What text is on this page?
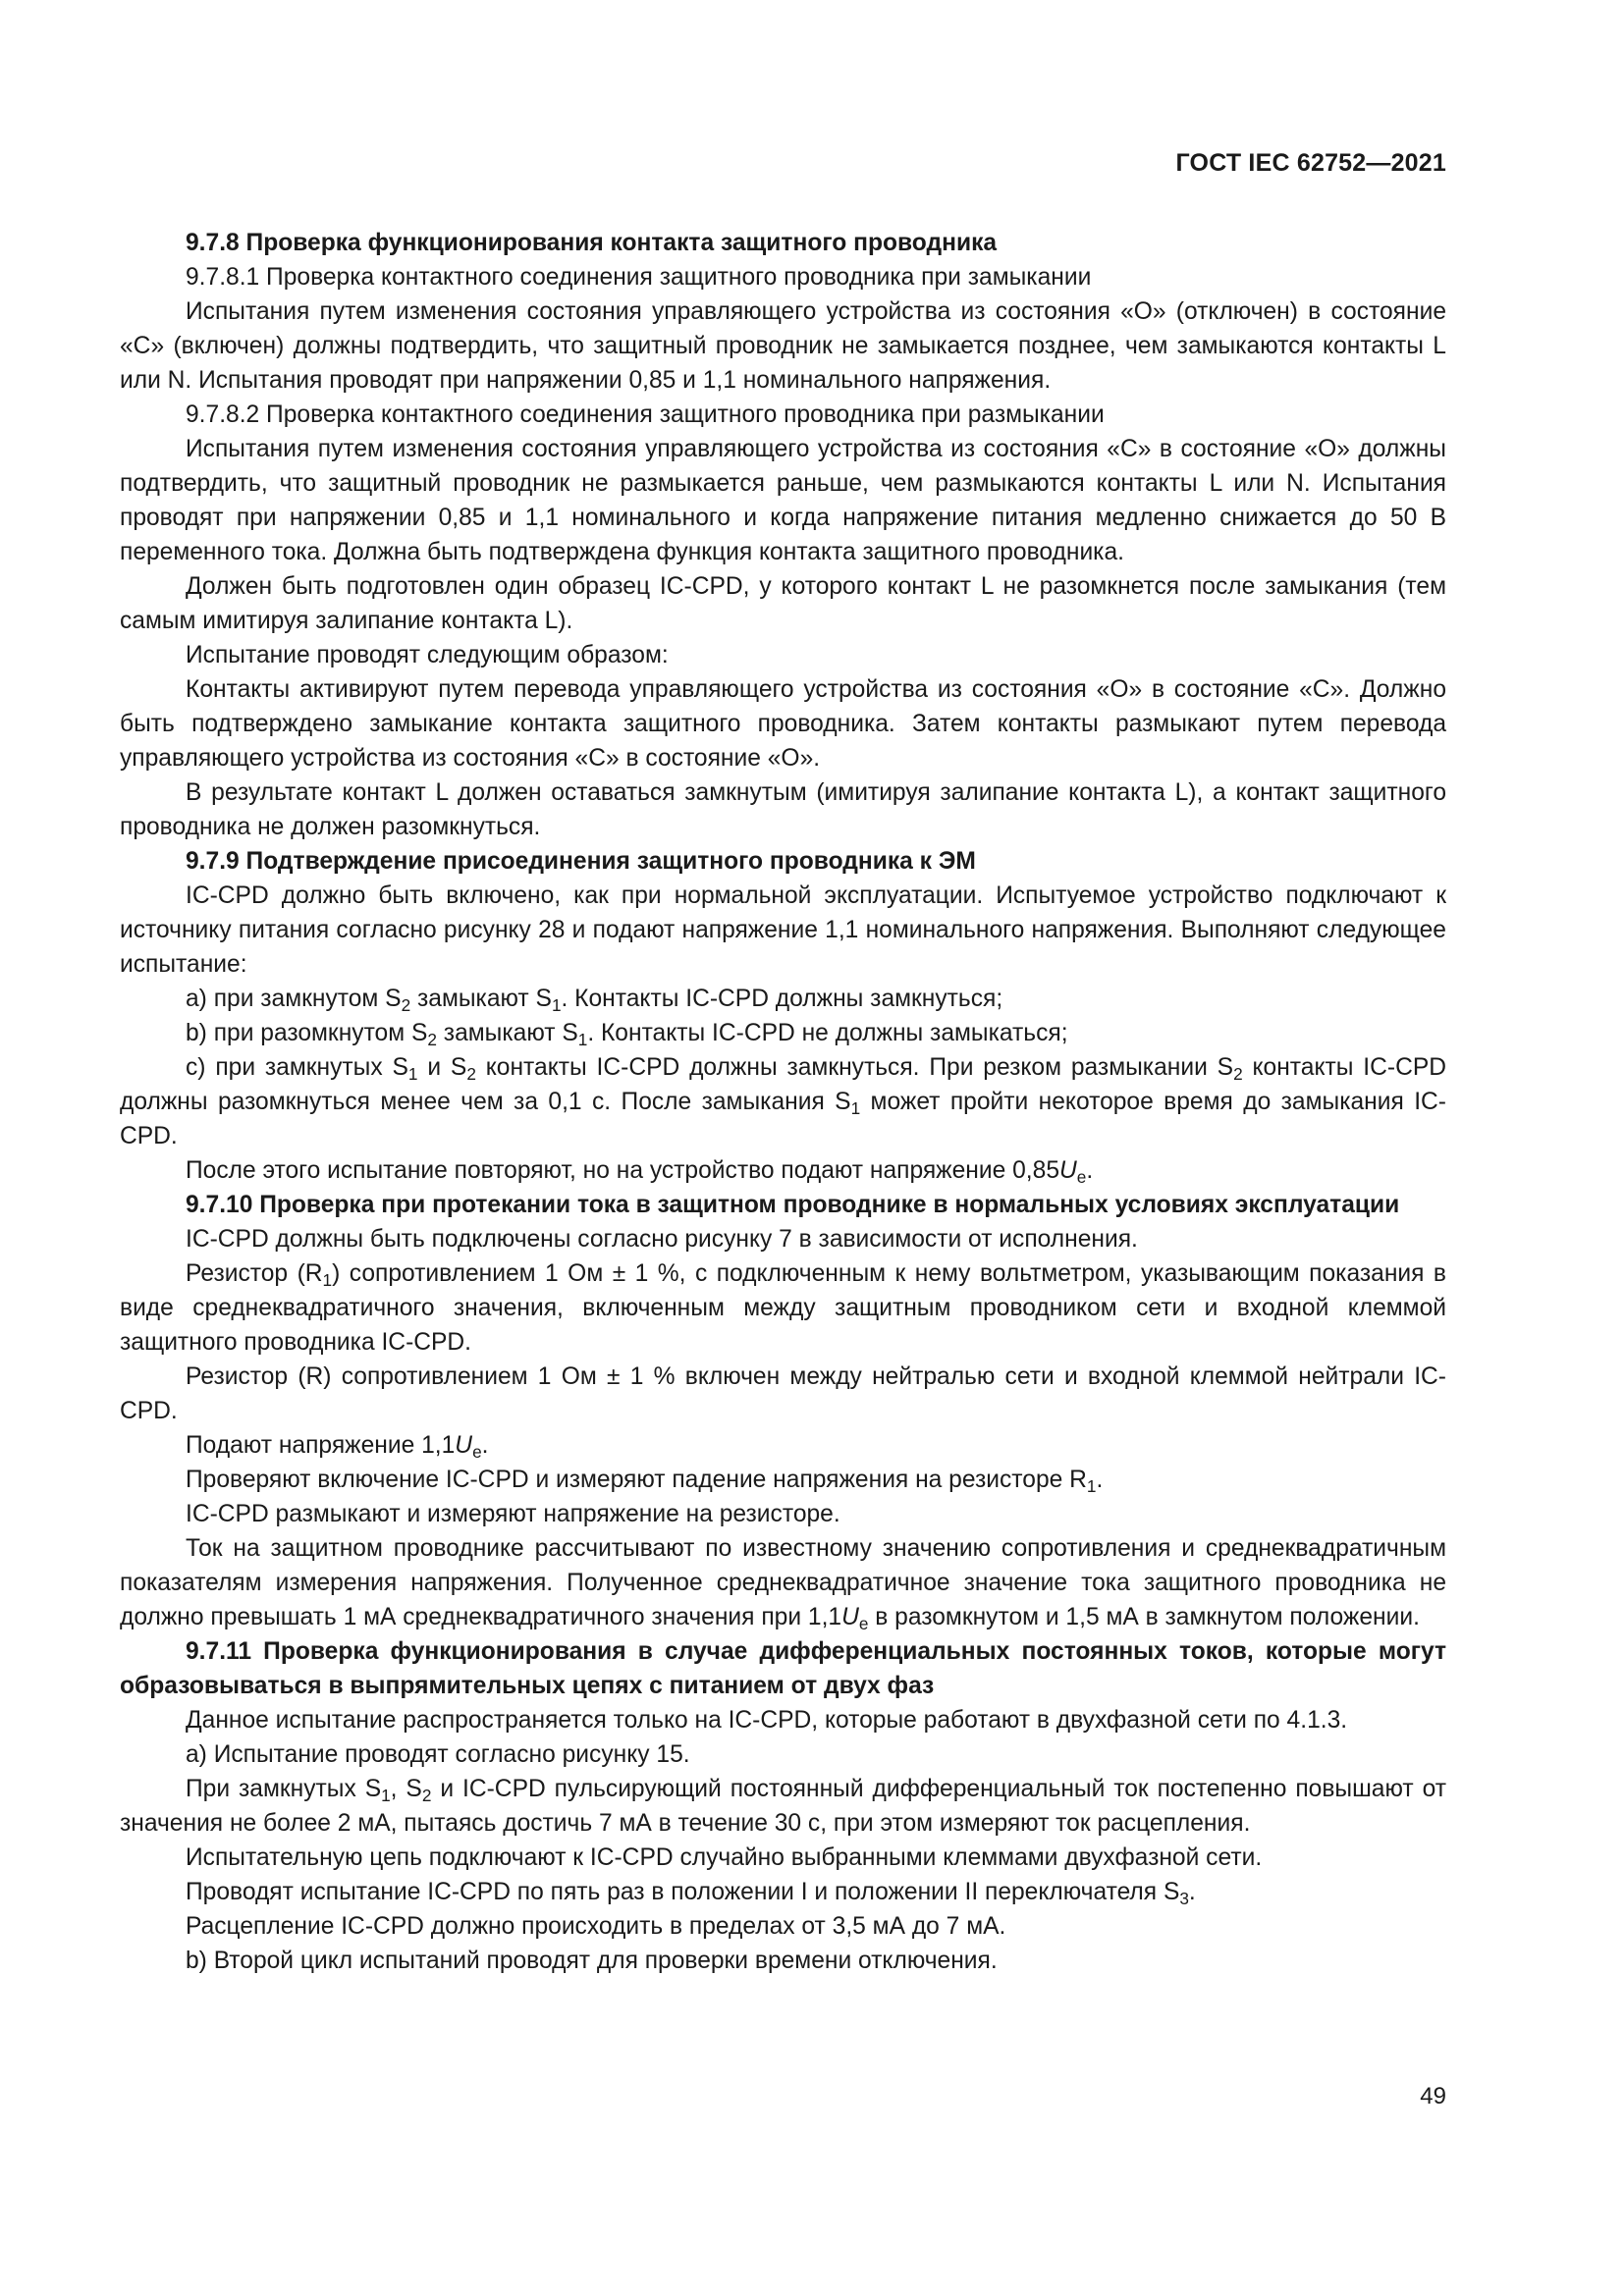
ГОСТ IEC 62752—2021

9.7.8 Проверка функционирования контакта защитного проводника

9.7.8.1 Проверка контактного соединения защитного проводника при замыкании

Испытания путем изменения состояния управляющего устройства из состояния «О» (отключен) в состояние «С» (включен) должны подтвердить, что защитный проводник не замыкается позднее, чем замыкаются контакты L или N. Испытания проводят при напряжении 0,85 и 1,1 номинального напряжения.

9.7.8.2 Проверка контактного соединения защитного проводника при размыкании

Испытания путем изменения состояния управляющего устройства из состояния «С» в состояние «О» должны подтвердить, что защитный проводник не размыкается раньше, чем размыкаются контакты L или N. Испытания проводят при напряжении 0,85 и 1,1 номинального и когда напряжение питания медленно снижается до 50 В переменного тока. Должна быть подтверждена функция контакта защитного проводника.

Должен быть подготовлен один образец IC-CPD, у которого контакт L не разомкнется после замыкания (тем самым имитируя залипание контакта L).

Испытание проводят следующим образом:

Контакты активируют путем перевода управляющего устройства из состояния «О» в состояние «С». Должно быть подтверждено замыкание контакта защитного проводника. Затем контакты размыкают путем перевода управляющего устройства из состояния «С» в состояние «О».

В результате контакт L должен оставаться замкнутым (имитируя залипание контакта L), а контакт защитного проводника не должен разомкнуться.

9.7.9 Подтверждение присоединения защитного проводника к ЭМ

IC-CPD должно быть включено, как при нормальной эксплуатации. Испытуемое устройство подключают к источнику питания согласно рисунку 28 и подают напряжение 1,1 номинального напряжения. Выполняют следующее испытание:

а) при замкнутом $S_2$ замыкают $S_1$. Контакты IC-CPD должны замкнуться;

b) при разомкнутом $S_2$ замыкают $S_1$. Контакты IC-CPD не должны замыкаться;

с) при замкнутых $S_1$ и $S_2$ контакты IC-CPD должны замкнуться. При резком размыкании $S_2$ контакты IC-CPD должны разомкнуться менее чем за 0,1 с. После замыкания $S_1$ может пройти некоторое время до замыкания IC-CPD.

После этого испытание повторяют, но на устройство подают напряжение $0,85U_e$.

9.7.10 Проверка при протекании тока в защитном проводнике в нормальных условиях эксплуатации

IC-CPD должны быть подключены согласно рисунку 7 в зависимости от исполнения.

Резистор $(R_1)$ сопротивлением 1 Ом ± 1 %, с подключенным к нему вольтметром, указывающим показания в виде среднеквадратичного значения, включенным между защитным проводником сети и входной клеммой защитного проводника IC-CPD.

Резистор (R) сопротивлением 1 Ом ± 1 % включен между нейтралью сети и входной клеммой нейтрали IC-CPD.

Подают напряжение $1,1U_e$.

Проверяют включение IC-CPD и измеряют падение напряжения на резисторе $R_1$.

IC-CPD размыкают и измеряют напряжение на резисторе.

Ток на защитном проводнике рассчитывают по известному значению сопротивления и среднеквадратичным показателям измерения напряжения. Полученное среднеквадратичное значение тока защитного проводника не должно превышать 1 мА среднеквадратичного значения при $1,1U_e$ в разомкнутом и 1,5 мА в замкнутом положении.

9.7.11 Проверка функционирования в случае дифференциальных постоянных токов, которые могут образовываться в выпрямительных цепях с питанием от двух фаз

Данное испытание распространяется только на IC-CPD, которые работают в двухфазной сети по 4.1.3.

а) Испытание проводят согласно рисунку 15.

При замкнутых $S_1$, $S_2$ и IC-CPD пульсирующий постоянный дифференциальный ток постепенно повышают от значения не более 2 мА, пытаясь достичь 7 мА в течение 30 с, при этом измеряют ток расцепления.

Испытательную цепь подключают к IC-CPD случайно выбранными клеммами двухфазной сети.

Проводят испытание IC-CPD по пять раз в положении I и положении II переключателя $S_3$.

Расцепление IC-CPD должно происходить в пределах от 3,5 мА до 7 мА.

b) Второй цикл испытаний проводят для проверки времени отключения.

49
